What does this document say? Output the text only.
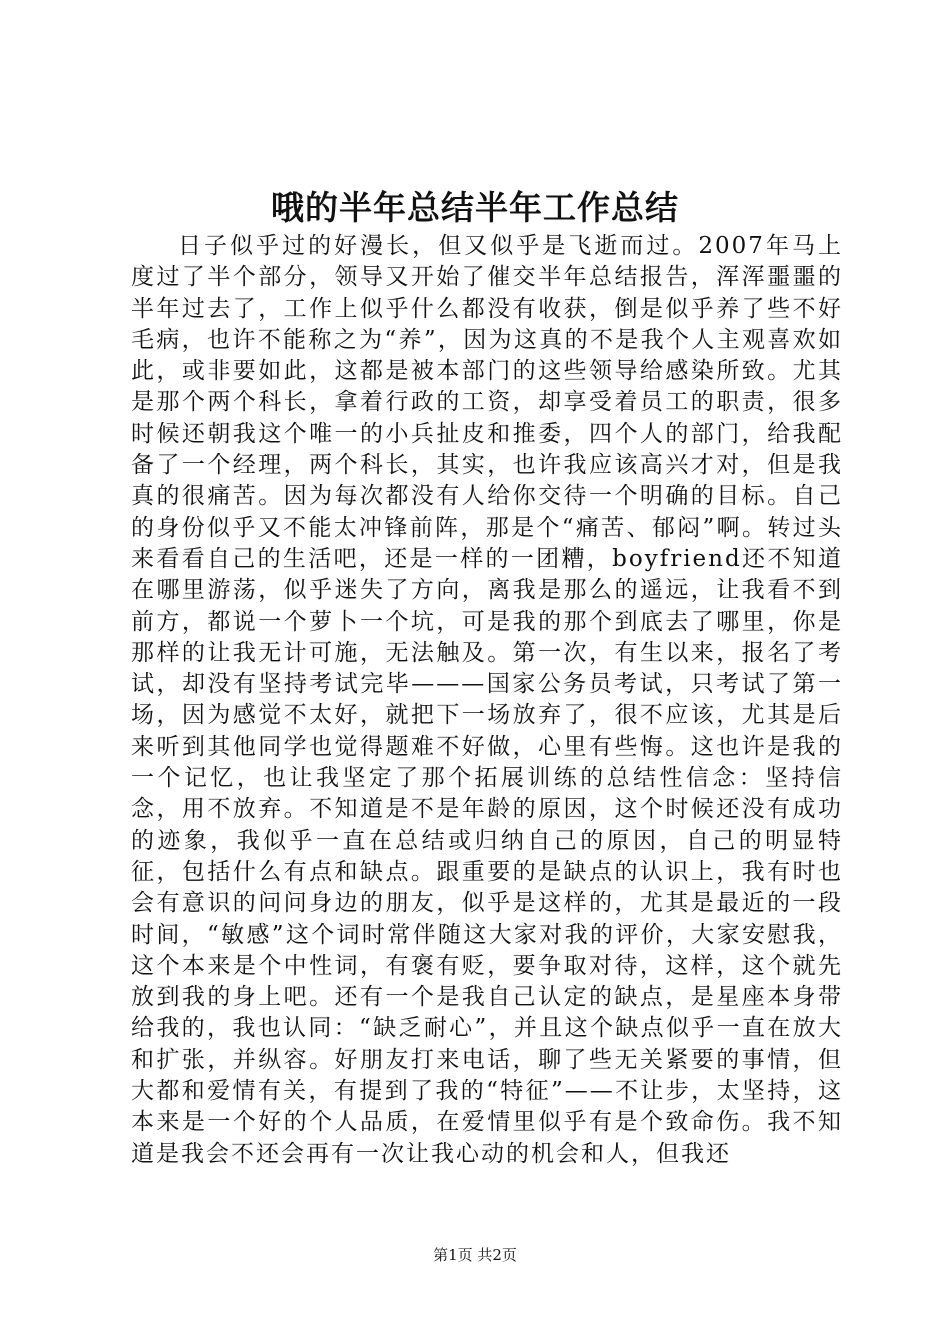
哦的半年总结半年工作总结

日子似乎过的好漫长，但又似乎是飞逝而过。2007年马上度过了半个部分，领导又开始了催交半年总结报告，浑浑噩噩的半年过去了，工作上似乎什么都没有收获，倒是似乎养了些不好毛病，也许不能称之为“养”，因为这真的不是我个人主观喜欢如此，或非要如此，这都是被本部门的这些领导给感染所致。尤其是那个两个科长，拿着行政的工资，却享受着员工的职责，很多时候还朝我这个唯一的小兵扯皮和推委，四个人的部门，给我配备了一个经理，两个科长，其实，也许我应该高兴才对，但是我真的很痛苦。因为每次都没有人给你交待一个明确的目标。自己的身份似乎又不能太冲锋前阵，那是个“痛苦、郁闷”啊。转过头来看看自己的生活吧，还是一样的一团糟，boyfriend还不知道在哪里游荡，似乎迷失了方向，离我是那么的遥远，让我看不到前方，都说一个萝卜一个坑，可是我的那个到底去了哪里，你是那样的让我无计可施，无法触及。第一次，有生以来，报名了考试，却没有坚持考试完毕———国家公务员考试，只考试了第一场，因为感觉不太好，就把下一场放弃了，很不应该，尤其是后来听到其他同学也觉得题难不好做，心里有些悔。这也许是我的一个记忆，也让我坚定了那个拓展训练的总结性信念：坚持信念，用不放弃。不知道是不是年龄的原因，这个时候还没有成功的迹象，我似乎一直在总结或归纳自己的原因，自己的明显特征，包括什么有点和缺点。跟重要的是缺点的认识上，我有时也会有意识的问问身边的朋友，似乎是这样的，尤其是最近的一段时间，“敏感”这个词时常伴随这大家对我的评价，大家安慰我，这个本来是个中性词，有褒有贬，要争取对待，这样，这个就先放到我的身上吧。还有一个是我自己认定的缺点，是星座本身带给我的，我也认同：“缺乏耐心”，并且这个缺点似乎一直在放大和扩张，并纵容。好朋友打来电话，聊了些无关紧要的事情，但大都和爱情有关，有提到了我的“特征”——不让步，太坚持，这本来是一个好的个人品质，在爱情里似乎有是个致命伤。我不知道是我会不还会再有一次让我心动的机会和人，但我还

第1页 共2页
